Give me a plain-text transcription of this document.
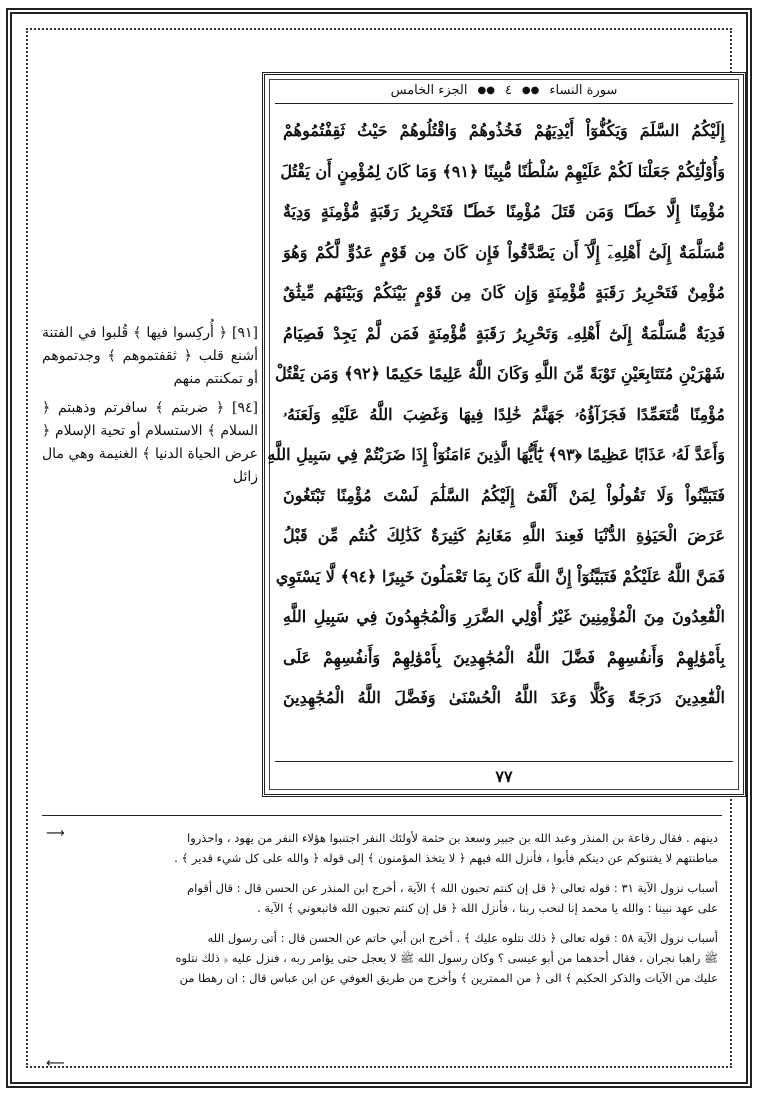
سورة النساء
●●
٤
●●
الجزء الخامس
إِلَيْكُمُ السَّلَمَ وَيَكُفُّوٓاْ أَيْدِيَهُمْ فَخُذُوهُمْ وَاقْتُلُوهُمْ حَيْثُ ثَقِفْتُمُوهُمْ
وَأُوْلَٰٓئِكُمْ جَعَلْنَا لَكُمْ عَلَيْهِمْ سُلْطَٰنًا مُّبِينًا ﴿٩١﴾ وَمَا كَانَ لِمُؤْمِنٍ أَن يَقْتُلَ
مُؤْمِنًا إِلَّا خَطَـًٔا وَمَن قَتَلَ مُؤْمِنًا خَطَـًٔا فَتَحْرِيرُ رَقَبَةٍ مُّؤْمِنَةٍ وَدِيَةٌ
مُّسَلَّمَةٌ إِلَىٰٓ أَهْلِهِۦٓ إِلَّآ أَن يَصَّدَّقُواْ فَإِن كَانَ مِن قَوْمٍ عَدُوٍّ لَّكُمْ وَهُوَ
مُؤْمِنٌ فَتَحْرِيرُ رَقَبَةٍ مُّؤْمِنَةٍ وَإِن كَانَ مِن قَوْمٍ بَيْنَكُمْ وَبَيْنَهُم مِّيثَٰقٌ
فَدِيَةٌ مُّسَلَّمَةٌ إِلَىٰٓ أَهْلِهِۦ وَتَحْرِيرُ رَقَبَةٍ مُّؤْمِنَةٍ فَمَن لَّمْ يَجِدْ فَصِيَامُ
شَهْرَيْنِ مُتَتَابِعَيْنِ تَوْبَةً مِّنَ اللَّهِ وَكَانَ اللَّهُ عَلِيمًا حَكِيمًا ﴿٩٢﴾ وَمَن يَقْتُلْ
مُؤْمِنًا مُّتَعَمِّدًا فَجَزَآؤُهُۥ جَهَنَّمُ خَٰلِدًا فِيهَا وَغَضِبَ اللَّهُ عَلَيْهِ وَلَعَنَهُۥ
وَأَعَدَّ لَهُۥ عَذَابًا عَظِيمًا ﴿٩٣﴾ يَٰٓأَيُّهَا الَّذِينَ ءَامَنُوٓاْ إِذَا ضَرَبْتُمْ فِي سَبِيلِ اللَّهِ
فَتَبَيَّنُواْ وَلَا تَقُولُواْ لِمَنْ أَلْقَىٰٓ إِلَيْكُمُ السَّلَٰمَ لَسْتَ مُؤْمِنًا تَبْتَغُونَ
عَرَضَ الْحَيَوٰةِ الدُّنْيَا فَعِندَ اللَّهِ مَغَانِمُ كَثِيرَةٌ كَذَٰلِكَ كُنتُم مِّن قَبْلُ
فَمَنَّ اللَّهُ عَلَيْكُمْ فَتَبَيَّنُوٓاْ إِنَّ اللَّهَ كَانَ بِمَا تَعْمَلُونَ خَبِيرًا ﴿٩٤﴾ لَّا يَسْتَوِي
الْقَٰعِدُونَ مِنَ الْمُؤْمِنِينَ غَيْرُ أُوْلِي الضَّرَرِ وَالْمُجَٰهِدُونَ فِي سَبِيلِ اللَّهِ
بِأَمْوَٰلِهِمْ وَأَنفُسِهِمْ فَضَّلَ اللَّهُ الْمُجَٰهِدِينَ بِأَمْوَٰلِهِمْ وَأَنفُسِهِمْ عَلَى
الْقَٰعِدِينَ دَرَجَةً وَكُلًّا وَعَدَ اللَّهُ الْحُسْنَىٰ وَفَضَّلَ اللَّهُ الْمُجَٰهِدِينَ
٧٧

[٩١] ﴿ أُركِسوا فيها ﴾ قُلبوا في الفتنة أشنع قلب ﴿ ثقفتموهم ﴾ وجدتموهم أو تمكنتم منهم

[٩٤] ﴿ ضربتم ﴾ سافرتم وذهبتم ﴿ السلام ﴾ الاستسلام أو تحية الإسلام ﴿ عرض الحياة الدنيا ﴾ الغنيمة وهي مال زائل

⟶	دينهم . فقال رفاعة بن المنذر وعبد الله بن جبير وسعد بن حثمة لأولئك النفر اجتنبوا هؤلاء النفر من يهود ، واحذروا
مباطنتهم لا يفتنوكم عن دينكم فأبوا ، فأنزل الله فيهم ﴿ لا يتخذ المؤمنون ﴾ إلى قوله ﴿ والله على كل شيء قدير ﴾ .
أسباب نزول الآية ٣١ : قوله تعالى ﴿ قل إن كنتم تحبون الله ﴾ الآية ، أخرج ابن المنذر عن الحسن قال : قال أقوام
على عهد نبينا : والله يا محمد إنا لنحب ربنا ، فأنزل الله ﴿ قل إن كنتم تحبون الله فاتبعوني ﴾ الآية .
أسباب نزول الآية ٥٨ : قوله تعالى ﴿ ذلك نتلوه عليك ﴾ . أخرج ابن أبي حاتم عن الحسن قال : أتى رسول الله
ﷺ راهبا نجران ، فقال أحدهما من أبو عيسى ؟ وكان رسول الله ﷺ لا يعجل حتى يؤامر ربه ، فنزل عليه ﴿ ذلك نتلوه
عليك من الآيات والذكر الحكيم ﴾ الى ﴿ من الممترين ﴾ وأخرج من طريق العوفي عن ابن عباس قال : ان رهطا من
⟵
